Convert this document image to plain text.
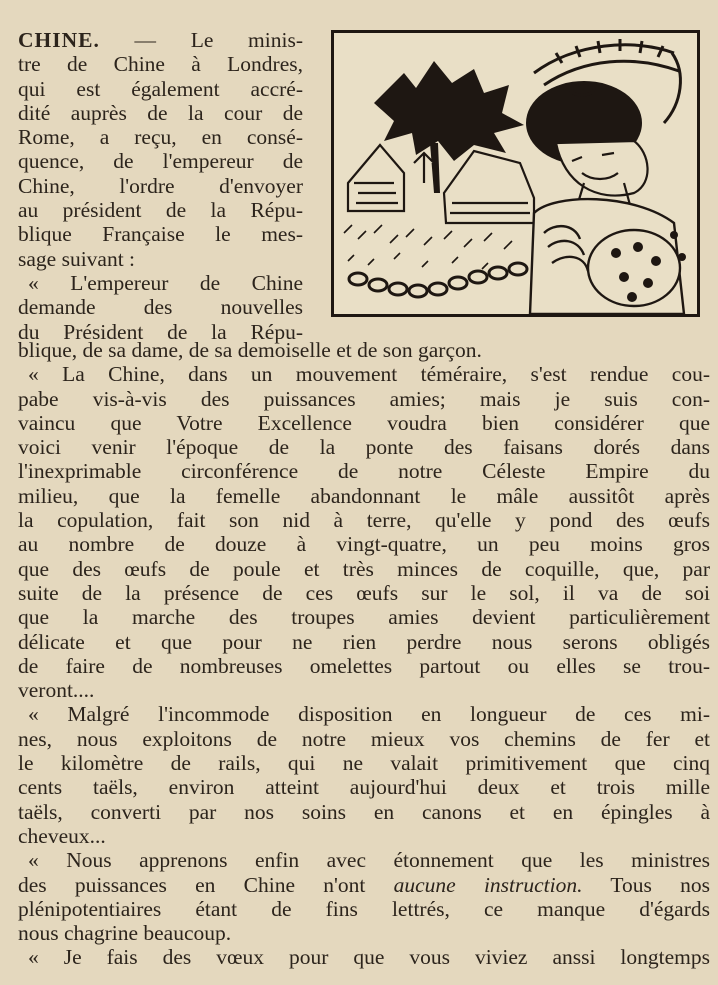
CHINE. — Le minis-
tre de Chine à Londres,
qui est également accré-
dité auprès de la cour de
Rome, a reçu, en consé-
quence, de l'empereur de
Chine, l'ordre d'envoyer
au président de la Répu-
blique Française le mes-
sage suivant :
« L'empereur de Chine
demande des nouvelles
du Président de la Répu-
blique, de sa dame, de sa demoiselle et de son garçon.
« La Chine, dans un mouvement téméraire, s'est rendue cou-
pabe vis-à-vis des puissances amies; mais je suis con-
vaincu que Votre Excellence voudra bien considérer que
voici venir l'époque de la ponte des faisans dorés dans
l'inexprimable circonférence de notre Céleste Empire du
milieu, que la femelle abandonnant le mâle aussitôt après
la copulation, fait son nid à terre, qu'elle y pond des œufs
au nombre de douze à vingt-quatre, un peu moins gros
que des œufs de poule et très minces de coquille, que, par
suite de la présence de ces œufs sur le sol, il va de soi
que la marche des troupes amies devient particulièrement
délicate et que pour ne rien perdre nous serons obligés
de faire de nombreuses omelettes partout ou elles se trou-
veront....
« Malgré l'incommode disposition en longueur de ces mi-
nes, nous exploitons de notre mieux vos chemins de fer et
le kilomètre de rails, qui ne valait primitivement que cinq
cents taëls, environ atteint aujourd'hui deux et trois mille
taëls, converti par nos soins en canons et en épingles à
cheveux...
« Nous apprenons enfin avec étonnement que les ministres
des puissances en Chine n'ont aucune instruction. Tous nos
plénipotentiaires étant de fins lettrés, ce manque d'égards
nous chagrine beaucoup.
« Je fais des vœux pour que vous viviez anssi longtemps
